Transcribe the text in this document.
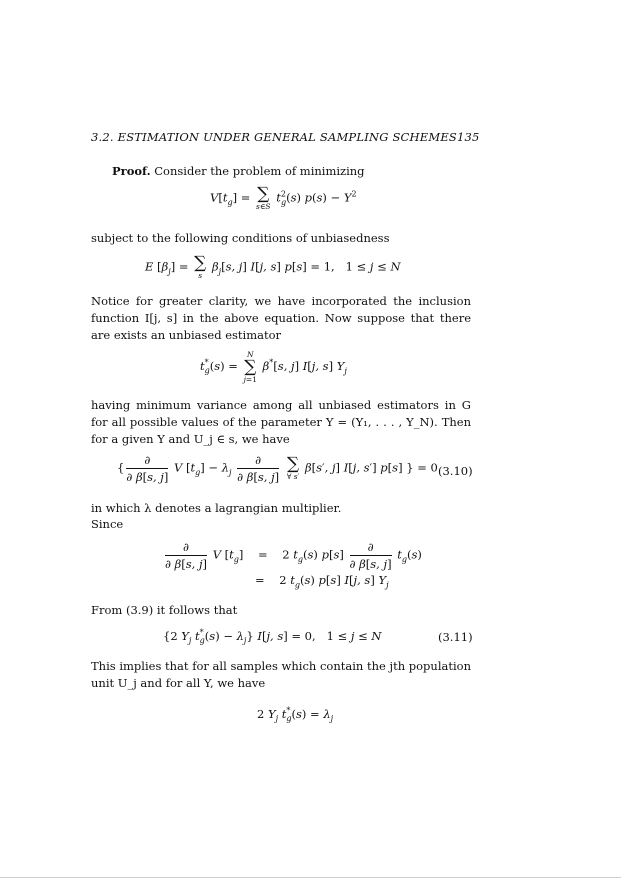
3.2. ESTIMATION UNDER GENERAL SAMPLING SCHEMES135
Proof. Consider the problem of minimizing
$V[t_g]$ = ∑
s∈S
$t^2_g(s) p(s) - Y^2$
subject to the following conditions of unbiasedness
E $[\beta_j]$ = ∑
s
$\beta_j[s$, j] I[j, s] p[s] = 1,   1 ≤ j ≤ N
Notice for greater clarity, we have incorporated the inclusion function I[j, s] in the above equation. Now suppose that there are exists an unbiased estimator
$t^*_g(s)$ =
N
∑
j=1
β*[s, j] I[j, s] $Y_j$
having minimum variance among all unbiased estimators in G for all possible values of the parameter Y = (Y₁, . . . , Y_N). Then for a given Y and U_j ∈ s, we have
{ $\frac{\partial}{\partial \beta[s, j]}$ V $[t_g] - \lambda_j \frac{\partial}{\partial \beta[s, j]}$
∑
∀ s′
β[s′, j] I[j, s′] p[s] } = 0 (3.10)
in which λ denotes a lagrangian multiplier.
Since
$\frac{\partial}{\partial \beta[s, j]}$ V $[t_g]$    =    2 $t_g(s)$ $p[s] \frac{\partial}{\partial \beta[s, j]} t_g(s)$
=    2 $t_g(s)$ p[s] I[j, s] $Y_j$
From (3.9) it follows that
{2 $Y_j$ $t^*_g(s) - \lambda_j$} I[j, s] = 0,   1 ≤ j ≤ N	(3.11)
This implies that for all samples which contain the jth population unit U_j and for all Y, we have
2 $Y_j$ $t^*_g(s) = \lambda_j$
